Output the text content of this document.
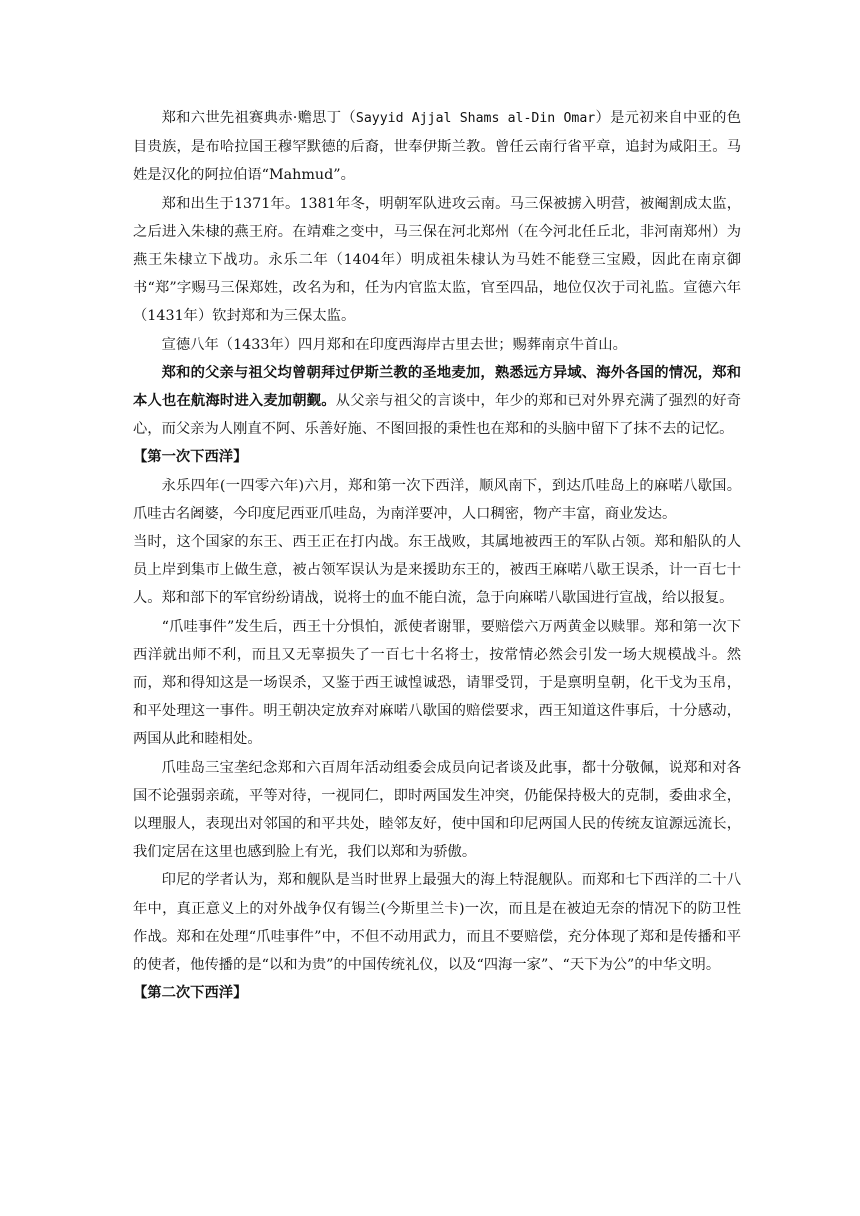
郑和六世先祖赛典赤·赡思丁（Sayyid Ajjal Shams al-Din Omar）是元初来自中亚的色目贵族，是布哈拉国王穆罕默德的后裔，世奉伊斯兰教。曾任云南行省平章，追封为咸阳王。马姓是汉化的阿拉伯语“Mahmud”。

郑和出生于1371年。1381年冬，明朝军队进攻云南。马三保被掳入明营，被阉割成太监，之后进入朱棣的燕王府。在靖难之变中，马三保在河北郑州（在今河北任丘北，非河南郑州）为燕王朱棣立下战功。永乐二年（1404年）明成祖朱棣认为马姓不能登三宝殿，因此在南京御书“郑”字赐马三保郑姓，改名为和，任为内官监太监，官至四品，地位仅次于司礼监。宣德六年（1431年）钦封郑和为三保太监。

宣德八年（1433年）四月郑和在印度西海岸古里去世；赐葬南京牛首山。

郑和的父亲与祖父均曾朝拜过伊斯兰教的圣地麦加，熟悉远方异域、海外各国的情况，郑和本人也在航海时进入麦加朝觐。从父亲与祖父的言谈中，年少的郑和已对外界充满了强烈的好奇心，而父亲为人刚直不阿、乐善好施、不图回报的秉性也在郑和的头脑中留下了抹不去的记忆。

【第一次下西洋】

永乐四年(一四零六年)六月，郑和第一次下西洋，顺风南下，到达爪哇岛上的麻喏八歇国。爪哇古名阇婆，今印度尼西亚爪哇岛，为南洋要冲，人口稠密，物产丰富，商业发达。

当时，这个国家的东王、西王正在打内战。东王战败，其属地被西王的军队占领。郑和船队的人员上岸到集市上做生意，被占领军误认为是来援助东王的，被西王麻喏八歇王误杀，计一百七十人。郑和部下的军官纷纷请战，说将士的血不能白流，急于向麻喏八歇国进行宣战，给以报复。

“爪哇事件”发生后，西王十分惧怕，派使者谢罪，要赔偿六万两黄金以赎罪。郑和第一次下西洋就出师不利，而且又无辜损失了一百七十名将士，按常情必然会引发一场大规模战斗。然而，郑和得知这是一场误杀，又鉴于西王诚惶诚恐，请罪受罚，于是禀明皇朝，化干戈为玉帛，和平处理这一事件。明王朝决定放弃对麻喏八歇国的赔偿要求，西王知道这件事后，十分感动，两国从此和睦相处。

爪哇岛三宝垄纪念郑和六百周年活动组委会成员向记者谈及此事，都十分敬佩，说郑和对各国不论强弱亲疏，平等对待，一视同仁，即时两国发生冲突，仍能保持极大的克制，委曲求全，以理服人，表现出对邻国的和平共处，睦邻友好，使中国和印尼两国人民的传统友谊源远流长，我们定居在这里也感到脸上有光，我们以郑和为骄傲。

印尼的学者认为，郑和舰队是当时世界上最强大的海上特混舰队。而郑和七下西洋的二十八年中，真正意义上的对外战争仅有锡兰(今斯里兰卡)一次，而且是在被迫无奈的情况下的防卫性作战。郑和在处理“爪哇事件”中，不但不动用武力，而且不要赔偿，充分体现了郑和是传播和平的使者，他传播的是“以和为贵”的中国传统礼仪，以及“四海一家”、“天下为公”的中华文明。

【第二次下西洋】
